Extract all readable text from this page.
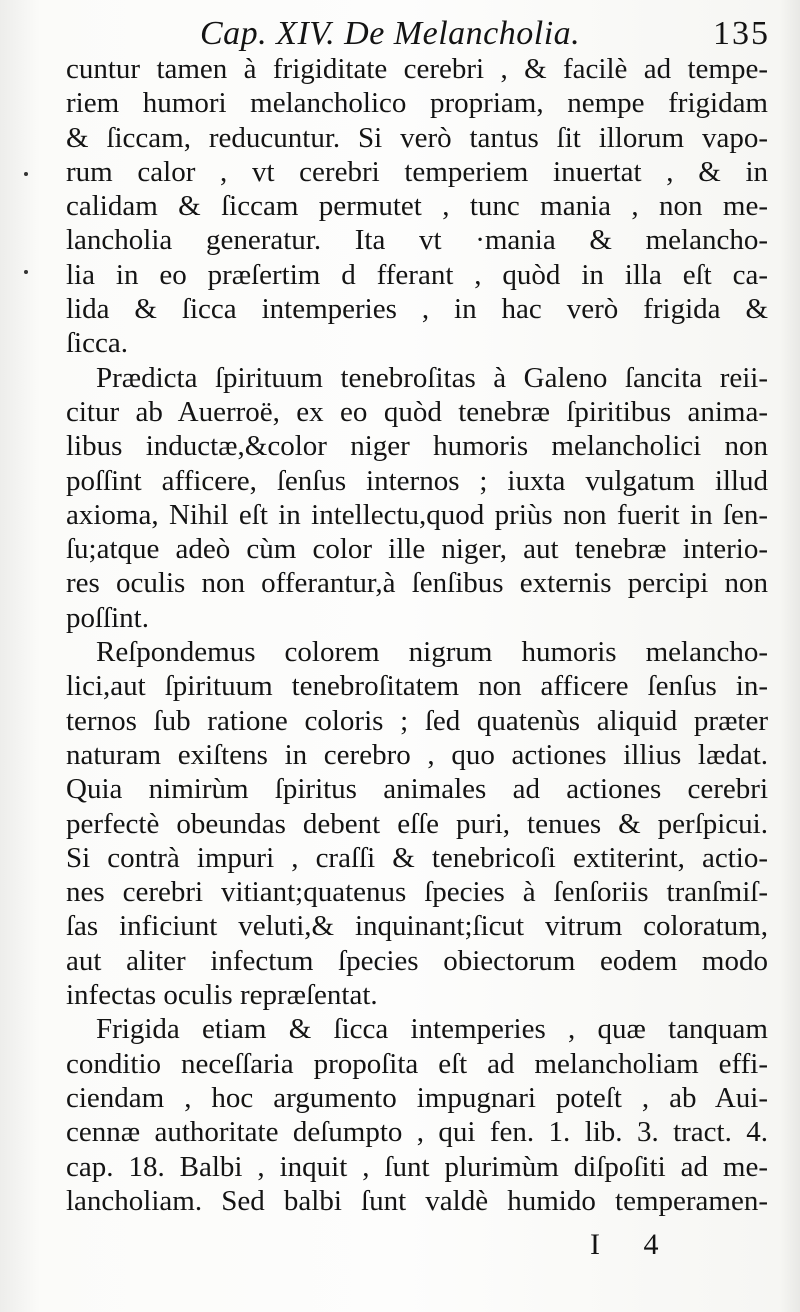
Cap. XIV. De Melancholia.	135
cuntur tamen à frigiditate cerebri , & facilè ad tempe-
riem humori melancholico propriam, nempe frigidam
& ſiccam, reducuntur. Si verò tantus ſit illorum vapo-
rum calor , vt cerebri temperiem inuertat , & in
calidam & ſiccam permutet , tunc mania , non me-
lancholia generatur. Ita vt ·mania & melancho-
lia in eo præſertim d fferant , quòd in illa eſt ca-
lida & ſicca intemperies , in hac verò frigida &
ſicca.
Prædicta ſpirituum tenebroſitas à Galeno ſancita reii-
citur ab Auerroë, ex eo quòd tenebræ ſpiritibus anima-
libus inductæ,&color niger humoris melancholici non
poſſint afficere, ſenſus internos ; iuxta vulgatum illud
axioma, Nihil eſt in intellectu,quod priùs non fuerit in ſen-
ſu;atque adeò cùm color ille niger, aut tenebræ interio-
res oculis non offerantur,à ſenſibus externis percipi non
poſſint.
Reſpondemus colorem nigrum humoris melancho-
lici,aut ſpirituum tenebroſitatem non afficere ſenſus in-
ternos ſub ratione coloris ; ſed quatenùs aliquid præter
naturam exiſtens in cerebro , quo actiones illius lædat.
Quia nimirùm ſpiritus animales ad actiones cerebri
perfectè obeundas debent eſſe puri, tenues & perſpicui.
Si contrà impuri , craſſi & tenebricoſi extiterint, actio-
nes cerebri vitiant;quatenus ſpecies à ſenſoriis tranſmiſ-
ſas inficiunt veluti,& inquinant;ſicut vitrum coloratum,
aut aliter infectum ſpecies obiectorum eodem modo
infectas oculis repræſentat.
Frigida etiam & ſicca intemperies , quæ tanquam
conditio neceſſaria propoſita eſt ad melancholiam effi-
ciendam , hoc argumento impugnari poteſt , ab Aui-
cennæ authoritate deſumpto , qui fen. 1. lib. 3. tract. 4.
cap. 18. Balbi , inquit , ſunt plurimùm diſpoſiti ad me-
lancholiam. Sed balbi ſunt valdè humido temperamen-
I 4
